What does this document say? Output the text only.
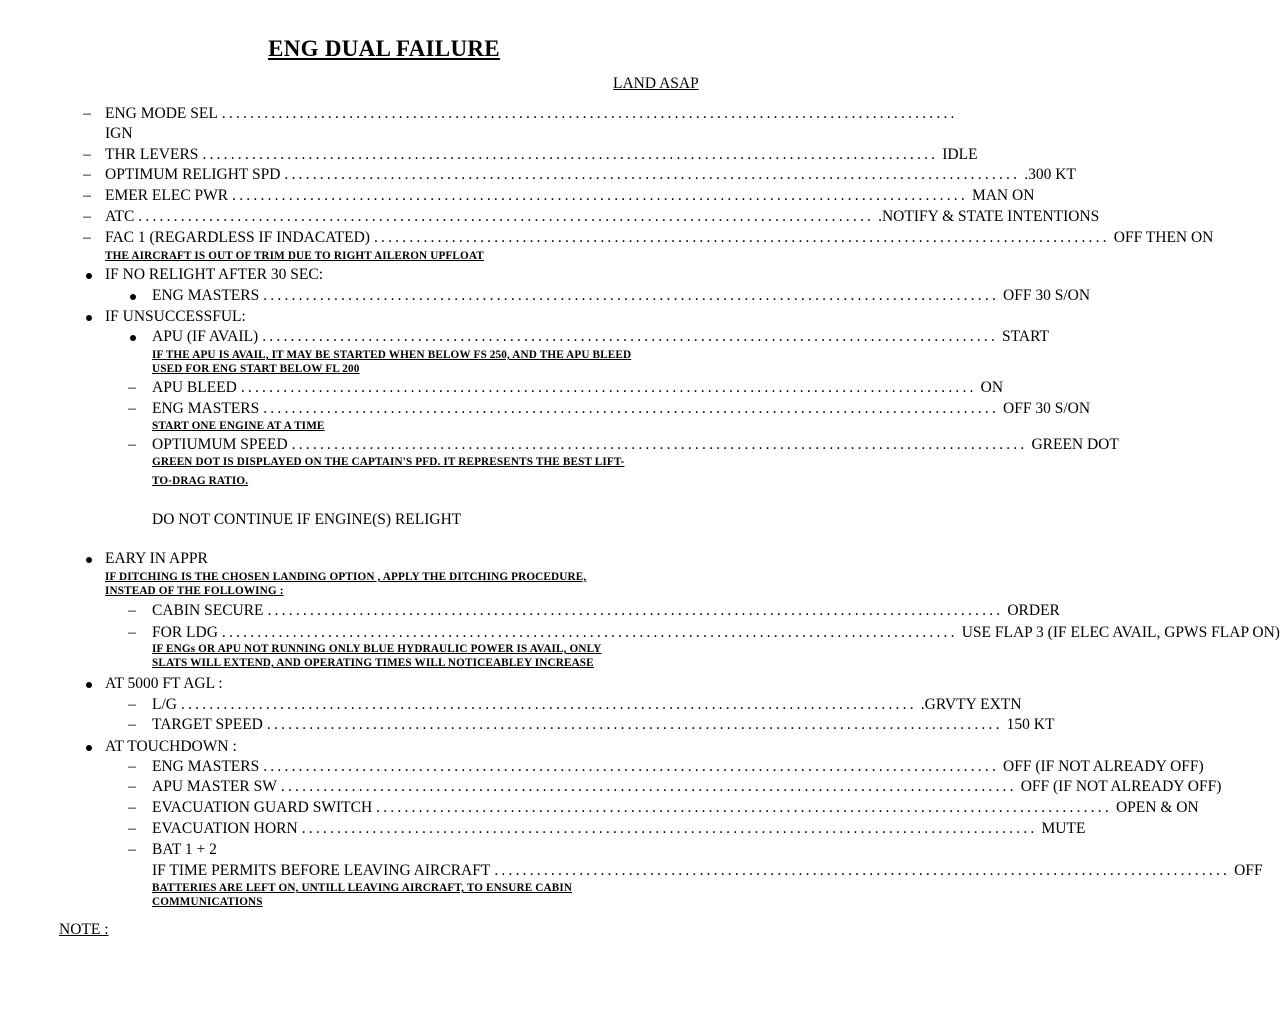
ENG DUAL FAILURE
LAND ASAP
– ENG MODE SEL ........................................................................................................
IGN
– THR LEVERS ........................................................................................................ IDLE
– OPTIMUM RELIGHT SPD ........................................................................................................ .300 KT
– EMER ELEC PWR ........................................................................................................ MAN ON
– ATC ........................................................................................................ .NOTIFY & STATE INTENTIONS
– FAC 1 (REGARDLESS IF INDACATED) ........................................................................................................ OFF THEN ON
THE AIRCRAFT IS OUT OF TRIM DUE TO RIGHT AILERON UPFLOAT
IF NO RELIGHT AFTER 30 SEC:
ENG MASTERS ........................................................................................................ OFF 30 S/ON
IF UNSUCCESSFUL:
APU (IF AVAIL) ........................................................................................................ START
IF THE APU IS AVAIL, IT MAY BE STARTED WHEN BELOW FS 250, AND THE APU BLEED
USED FOR ENG START BELOW FL 200
– APU BLEED ........................................................................................................ ON
– ENG MASTERS ........................................................................................................ OFF 30 S/ON
START ONE ENGINE AT A TIME
– OPTIUMUM SPEED ........................................................................................................ GREEN DOT
GREEN DOT IS DISPLAYED ON THE CAPTAIN'S PFD. IT REPRESENTS THE BEST LIFT-
TO-DRAG RATIO.
DO NOT CONTINUE IF ENGINE(S) RELIGHT
EARY IN APPR
IF DITCHING IS THE CHOSEN LANDING OPTION , APPLY THE DITCHING PROCEDURE,
INSTEAD OF THE FOLLOWING :
– CABIN SECURE ........................................................................................................ ORDER
– FOR LDG ........................................................................................................ USE FLAP 3 (IF ELEC AVAIL, GPWS FLAP ON)
IF ENGs OR APU NOT RUNNING ONLY BLUE HYDRAULIC POWER IS AVAIL, ONLY
SLATS WILL EXTEND, AND OPERATING TIMES WILL NOTICEABLEY INCREASE
AT 5000 FT AGL :
– L/G ........................................................................................................ .GRVTY EXTN
– TARGET SPEED ........................................................................................................ 150 KT
AT TOUCHDOWN :
– ENG MASTERS ........................................................................................................ OFF (IF NOT ALREADY OFF)
– APU MASTER SW ........................................................................................................ OFF (IF NOT ALREADY OFF)
– EVACUATION GUARD SWITCH ........................................................................................................ OPEN & ON
– EVACUATION HORN ........................................................................................................ MUTE
– BAT 1 + 2
IF TIME PERMITS BEFORE LEAVING AIRCRAFT ........................................................................................................ OFF
BATTERIES ARE LEFT ON, UNTILL LEAVING AIRCRAFT, TO ENSURE CABIN
COMMUNICATIONS
NOTE :
